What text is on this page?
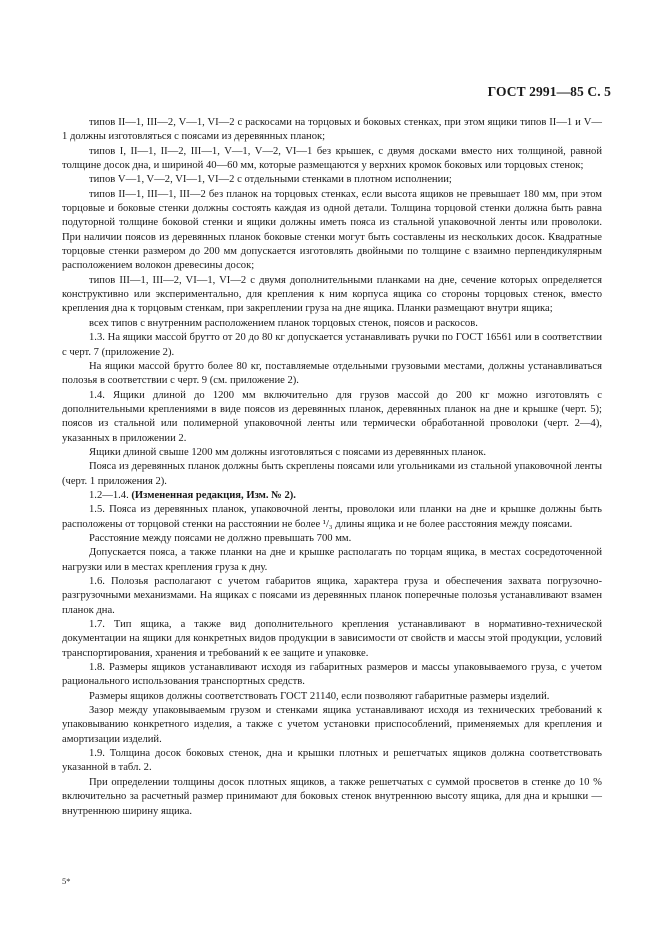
ГОСТ 2991—85 С. 5

типов II—1, III—2, V—1, VI—2 с раскосами на торцовых и боковых стенках, при этом ящики типов II—1 и V—1 должны изготовляться с поясами из деревянных планок;

типов I, II—1, II—2, III—1, V—1, V—2, VI—1 без крышек, с двумя досками вместо них толщиной, равной толщине досок дна, и шириной 40—60 мм, которые размещаются у верхних кромок боковых или торцовых стенок;

типов V—1, V—2, VI—1, VI—2 с отдельными стенками в плотном исполнении;

типов II—1, III—1, III—2 без планок на торцовых стенках, если высота ящиков не превышает 180 мм, при этом торцовые и боковые стенки должны состоять каждая из одной детали. Толщина торцовой стенки должна быть равна подуторной толщине боковой стенки и ящики должны иметь пояса из стальной упаковочной ленты или проволоки. При наличии поясов из деревянных планок боковые стенки могут быть составлены из нескольких досок. Квадратные торцовые стенки размером до 200 мм допускается изготовлять двойными по толщине с взаимно перпендикулярным расположением волокон древесины досок;

типов III—1, III—2, VI—1, VI—2 с двумя дополнительными планками на дне, сечение которых определяется конструктивно или экспериментально, для крепления к ним корпуса ящика со стороны торцовых стенок, вместо крепления дна к торцовым стенкам, при закреплении груза на дне ящика. Планки размещают внутри ящика;

всех типов с внутренним расположением планок торцовых стенок, поясов и раскосов.

1.3. На ящики массой брутто от 20 до 80 кг допускается устанавливать ручки по ГОСТ 16561 или в соответствии с черт. 7 (приложение 2).

На ящики массой брутто более 80 кг, поставляемые отдельными грузовыми местами, должны устанавливаться полозья в соответствии с черт. 9 (см. приложение 2).

1.4. Ящики длиной до 1200 мм включительно для грузов массой до 200 кг можно изготовлять с дополнительными креплениями в виде поясов из деревянных планок, деревянных планок на дне и крышке (черт. 5); поясов из стальной или полимерной упаковочной ленты или термически обработанной проволоки (черт. 2—4), указанных в приложении 2.

Ящики длиной свыше 1200 мм должны изготовляться с поясами из деревянных планок.

Пояса из деревянных планок должны быть скреплены поясами или угольниками из стальной упаковочной ленты (черт. 1 приложения 2).

1.2—1.4. (Измененная редакция, Изм. № 2).

1.5. Пояса из деревянных планок, упаковочной ленты, проволоки или планки на дне и крышке должны быть расположены от торцовой стенки на расстоянии не более ¹/₃ длины ящика и не более расстояния между поясами.

Расстояние между поясами не должно превышать 700 мм.

Допускается пояса, а также планки на дне и крышке располагать по торцам ящика, в местах сосредоточенной нагрузки или в местах крепления груза к дну.

1.6. Полозья располагают с учетом габаритов ящика, характера груза и обеспечения захвата погрузочно-разгрузочными механизмами. На ящиках с поясами из деревянных планок поперечные полозья устанавливают взамен планок дна.

1.7. Тип ящика, а также вид дополнительного крепления устанавливают в нормативно-технической документации на ящики для конкретных видов продукции в зависимости от свойств и массы этой продукции, условий транспортирования, хранения и требований к ее защите и упаковке.

1.8. Размеры ящиков устанавливают исходя из габаритных размеров и массы упаковываемого груза, с учетом рационального использования транспортных средств.

Размеры ящиков должны соответствовать ГОСТ 21140, если позволяют габаритные размеры изделий.

Зазор между упаковываемым грузом и стенками ящика устанавливают исходя из технических требований к упаковыванию конкретного изделия, а также с учетом установки приспособлений, применяемых для крепления и амортизации изделий.

1.9. Толщина досок боковых стенок, дна и крышки плотных и решетчатых ящиков должна соответствовать указанной в табл. 2.

При определении толщины досок плотных ящиков, а также решетчатых с суммой просветов в стенке до 10 % включительно за расчетный размер принимают для боковых стенок внутреннюю высоту ящика, для дна и крышки — внутреннюю ширину ящика.

5*
